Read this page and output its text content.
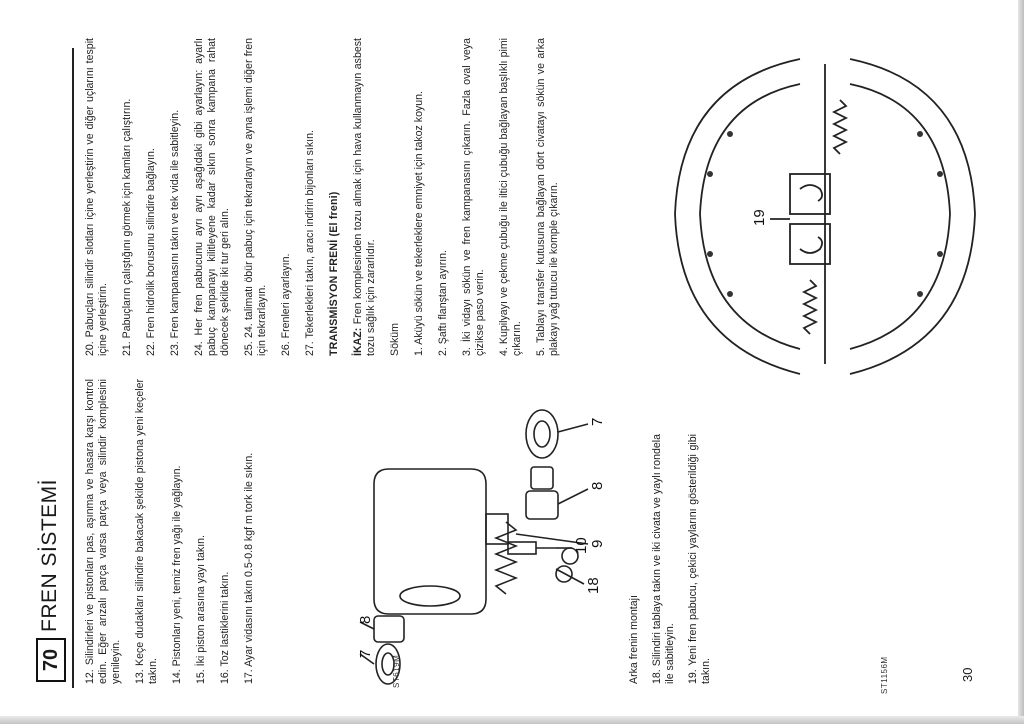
70
FREN SİSTEMİ 12. Silindirleri ve pistonları pas, aşınma ve hasara karşı kontrol edin. Eğer arızalı parça varsa parça veya silindir komplesini yenileyin. 13. Keçe dudakları silindire bakacak şekilde pistona yeni keçeler takın. 14. Pistonları yeni, temiz fren yağı ile yağlayın. 15. İki piston arasına yayı takın. 16. Toz lastiklerini takın. 17. Ayar vidasını takın 0.5-0.8 kgf m tork ile sıkın.	7
8
10
18
9
8
7
ST619M	Arka frenin montajı 18. Silindiri tablaya takın ve iki civata ve yaylı rondela ile sabitleyin. 19. Yeni fren pabucu, çekici yaylarını gösterildiği gibi takın.

19
ST1156M

20. Pabuçları silindir slotları içine yerleştirin ve diğer uçlarını tespit içine yerleştirin. 21. Pabuçların çalıştığını görmek için kamları çalıştırın. 22. Fren hidrolik borusunu silindire bağlayın. 23. Fren kampanasını takın ve tek vida ile sabitleyin. 24. Her fren pabucunu ayrı ayrı aşağıdaki gibi ayarlayın: ayarlı pabuç kampanayı kilitleyene kadar sıkın sonra kampana rahat dönecek şekilde iki tur geri alın. 25. 24. talimatı öbür pabuç için tekrarlayın ve ayna işlemi diğer fren için tekrarlayın. 26. Frenleri ayarlayın. 27. Tekerlekleri takın, aracı indirin bijonları sıkın. TRANSMİSYON FRENİ (El freni) İKAZ: Fren komplesinden tozu almak için hava kullanmayın asbest tozu sağlık için zararlıdır. Söküm 1. Aküyü sökün ve tekerleklere emniyet için takoz koyun. 2. Şaftı flanştan ayırın. 3. İki vidayı sökün ve fren kampanasını çıkarın. Fazla oval veya çizikse paso verin. 4. Kupilyayı ve çekme çubuğu ile iltici çubuğu bağlayan başlıklı pimi çıkarın. 5. Tablayı transfer kutusuna bağlayan dört civatayı sökün ve arka plakayı yağ tutucu ile komple çıkarın.

30
